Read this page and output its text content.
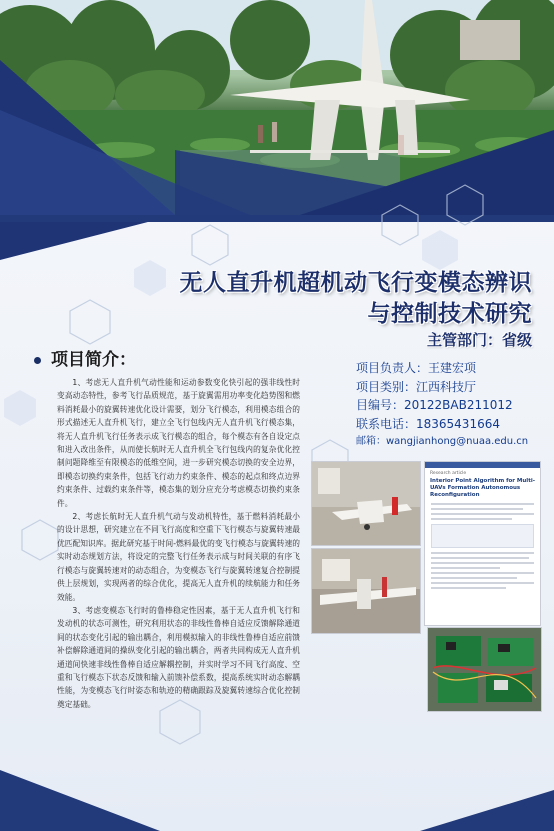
无人直升机超机动飞行变模态辨识
与控制技术研究
主管部门：省级
项目负责人：王建宏项
项目类别：江西科技厅
目编号：20122BAB211012
联系电话：18365431664
邮箱：wangjianhong@nuaa.edu.cn
项目简介：

1、考虑无人直升机气动性能和运动参数变化快引起的强非线性时变高动态特性，参考飞行品质规范，基于旋翼需用功率变化趋势图和燃料消耗最小的旋翼转速优化设计需要，划分飞行模态，利用模态组合的形式描述无人直升机飞行，建立全飞行包线内无人直升机飞行模态集，将无人直升机飞行任务表示成飞行模态的组合，每个模态有各自设定点和进入改出条件，从而使长航时无人直升机全飞行包线内的复杂优化控制问题降维至有限模态的低维空间，进一步研究模态切换的安全边界，即模态切换约束条件，包括飞行动力约束条件、模态的起点和终点边界约束条件、过载约束条件等，模态集的划分应充分考虑模态切换约束条件。

2、考虑长航时无人直升机气动与发动机特性，基于燃料消耗最小的设计思想，研究建立在不同飞行高度和空重下飞行模态与旋翼转速最优匹配知识库。据此研究基于时间-燃料最优的变飞行模态与旋翼转速的实时动态规划方法，将设定的完整飞行任务表示成与时间关联的有序飞行模态与旋翼转速对的动态组合，为变模态飞行与旋翼转速复合控制提供上层规划，实现两者的综合优化，提高无人直升机的续航能力和任务效能。

3、考虑变模态飞行时的鲁棒稳定性因素，基于无人直升机飞行和发动机的状态可测性，研究利用状态的非线性鲁棒自适应反馈解除通道间的状态变化引起的输出耦合，利用模拟输入的非线性鲁棒自适应前馈补偿解除通道间的操纵变化引起的输出耦合，两者共同构成无人直升机通道间快速非线性鲁棒自适应解耦控制，并实时学习不同飞行高度、空重和飞行模态下状态反馈和输入前馈补偿系数，提高系统实时动态解耦性能，为变模态飞行时姿态和轨迹的精确跟踪及旋翼转速综合优化控制奠定基础。

Research article
Interior Point Algorithm for Multi-UAVs Formation Autonomous Reconfiguration
